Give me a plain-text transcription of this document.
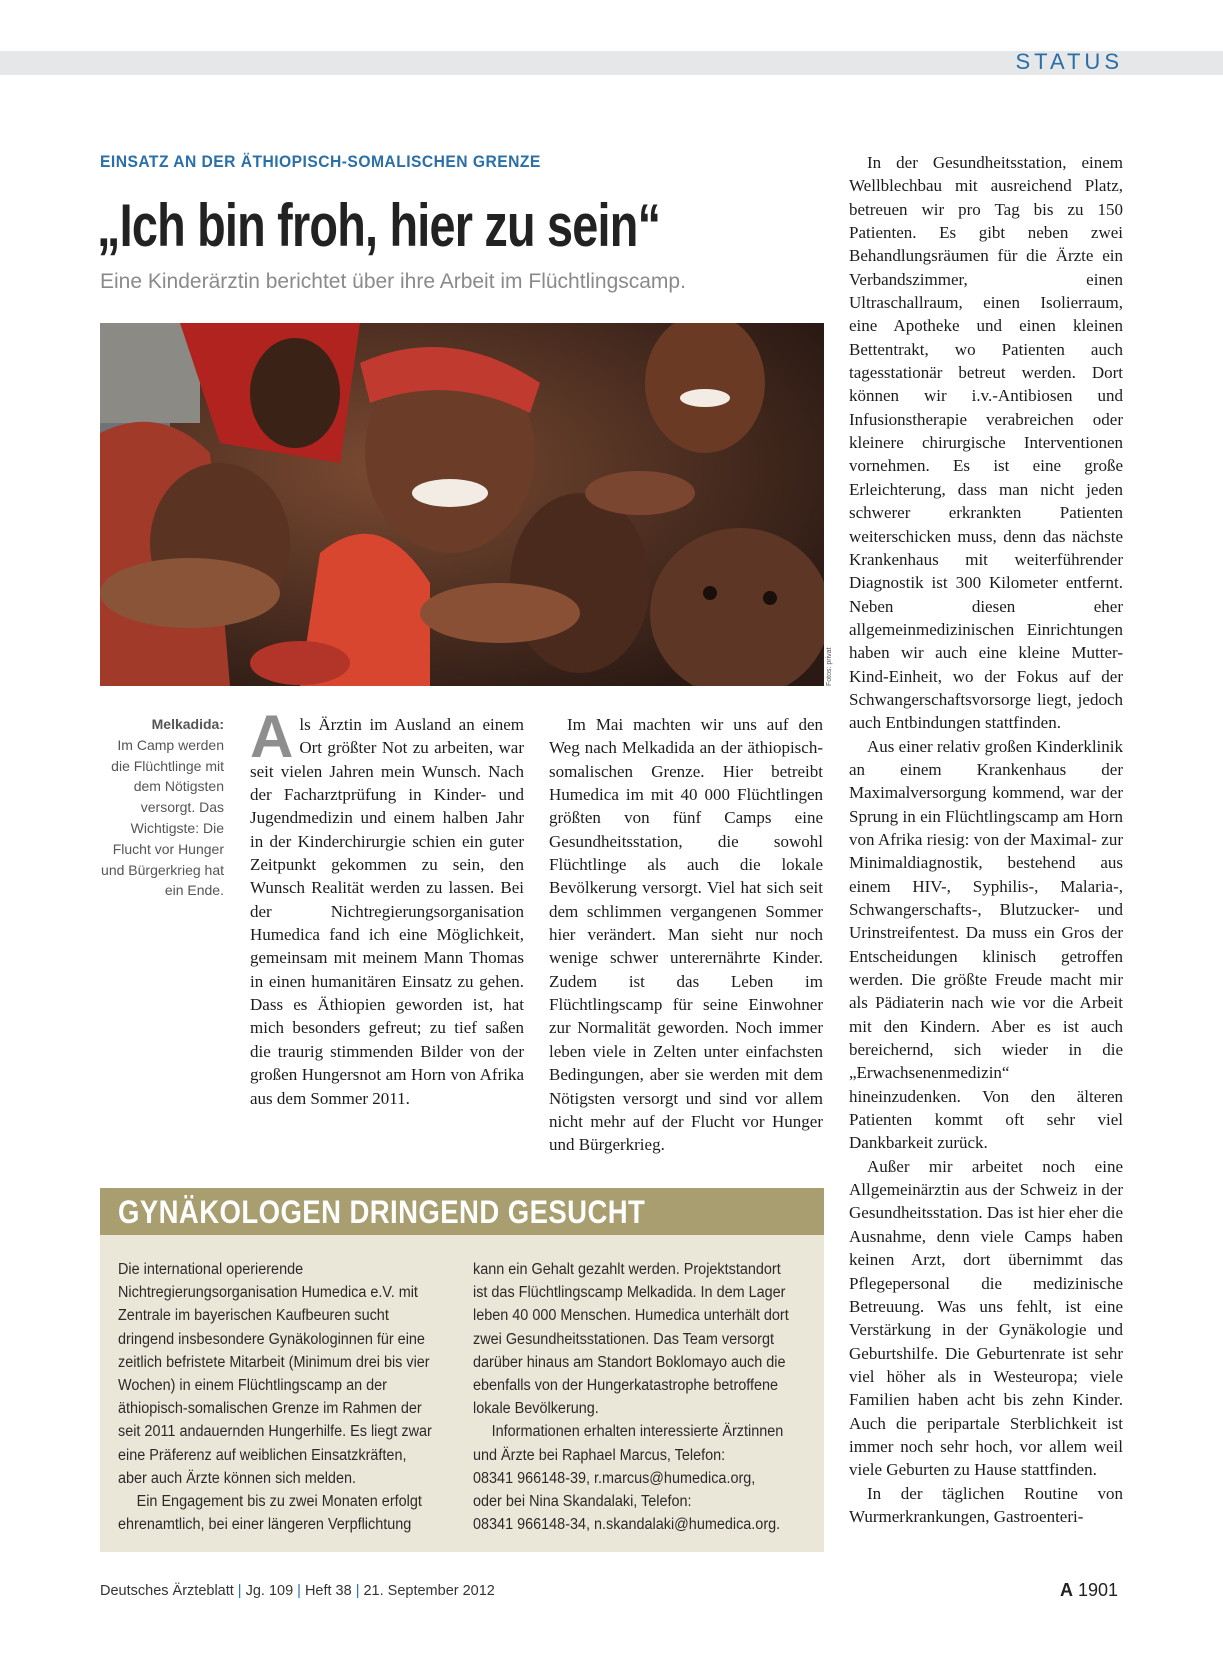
STATUS
EINSATZ AN DER ÄTHIOPISCH-SOMALISCHEN GRENZE
„Ich bin froh, hier zu sein“
Eine Kinderärztin berichtet über ihre Arbeit im Flüchtlingscamp.
Fotos: privat
Melkadida:
Im Camp werden die Flüchtlinge mit dem Nötigsten versorgt. Das Wichtigste: Die Flucht vor Hunger und Bürgerkrieg hat ein Ende.

Als Ärztin im Ausland an einem Ort größter Not zu arbeiten, war seit vielen Jahren mein Wunsch. Nach der Facharztprüfung in Kinder- und Jugendmedizin und einem halben Jahr in der Kinderchirurgie schien ein guter Zeitpunkt gekommen zu sein, den Wunsch Realität werden zu lassen. Bei der Nichtregierungsorganisation Humedica fand ich eine Möglichkeit, gemeinsam mit meinem Mann Thomas in einen humanitären Einsatz zu gehen. Dass es Äthiopien geworden ist, hat mich besonders gefreut; zu tief saßen die traurig stimmenden Bilder von der großen Hungersnot am Horn von Afrika aus dem Sommer 2011.

Im Mai machten wir uns auf den Weg nach Melkadida an der äthiopisch-somalischen Grenze. Hier betreibt Humedica im mit 40 000 Flüchtlingen größten von fünf Camps eine Gesundheitsstation, die sowohl Flüchtlinge als auch die lokale Bevölkerung versorgt. Viel hat sich seit dem schlimmen vergangenen Sommer hier verändert. Man sieht nur noch wenige schwer unterernährte Kinder. Zudem ist das Leben im Flüchtlingscamp für seine Einwohner zur Normalität geworden. Noch immer leben viele in Zelten unter einfachsten Bedingungen, aber sie werden mit dem Nötigsten versorgt und sind vor allem nicht mehr auf der Flucht vor Hunger und Bürgerkrieg.

In der Gesundheitsstation, einem Wellblechbau mit ausreichend Platz, betreuen wir pro Tag bis zu 150 Patienten. Es gibt neben zwei Behandlungsräumen für die Ärzte ein Verbandszimmer, einen Ultraschallraum, einen Isolierraum, eine Apotheke und einen kleinen Bettentrakt, wo Patienten auch tagesstationär betreut werden. Dort können wir i.v.-Antibiosen und Infusionstherapie verabreichen oder kleinere chirurgische Interventionen vornehmen. Es ist eine große Erleichterung, dass man nicht jeden schwerer erkrankten Patienten weiterschicken muss, denn das nächste Krankenhaus mit weiterführender Diagnostik ist 300 Kilometer entfernt. Neben diesen eher allgemeinmedizinischen Einrichtungen haben wir auch eine kleine Mutter-Kind-Einheit, wo der Fokus auf der Schwangerschaftsvorsorge liegt, jedoch auch Entbindungen stattfinden.

Aus einer relativ großen Kinderklinik an einem Krankenhaus der Maximalversorgung kommend, war der Sprung in ein Flüchtlingscamp am Horn von Afrika riesig: von der Maximal- zur Minimaldiagnostik, bestehend aus einem HIV-, Syphilis-, Malaria-, Schwangerschafts-, Blutzucker- und Urinstreifentest. Da muss ein Gros der Entscheidungen klinisch getroffen werden. Die größte Freude macht mir als Pädiaterin nach wie vor die Arbeit mit den Kindern. Aber es ist auch bereichernd, sich wieder in die „Erwachsenenmedizin“ hineinzudenken. Von den älteren Patienten kommt oft sehr viel Dankbarkeit zurück.

Außer mir arbeitet noch eine Allgemeinärztin aus der Schweiz in der Gesundheitsstation. Das ist hier eher die Ausnahme, denn viele Camps haben keinen Arzt, dort übernimmt das Pflegepersonal die medizinische Betreuung. Was uns fehlt, ist eine Verstärkung in der Gynäkologie und Geburtshilfe. Die Geburtenrate ist sehr viel höher als in Westeuropa; viele Familien haben acht bis zehn Kinder. Auch die peripartale Sterblichkeit ist immer noch sehr hoch, vor allem weil viele Geburten zu Hause stattfinden.

In der täglichen Routine von Wurmerkrankungen, Gastroenteri-

GYNÄKOLOGEN DRINGEND GESUCHT

Die international operierende Nichtregierungsorganisation Humedica e.V. mit Zentrale im bayerischen Kaufbeuren sucht dringend insbesondere Gynäkologinnen für eine zeitlich befristete Mitarbeit (Minimum drei bis vier Wochen) in einem Flüchtlingscamp an der äthiopisch-somalischen Grenze im Rahmen der seit 2011 andauernden Hungerhilfe. Es liegt zwar eine Präferenz auf weiblichen Einsatzkräften, aber auch Ärzte können sich melden.

Ein Engagement bis zu zwei Monaten erfolgt ehrenamtlich, bei einer längeren Verpflichtung

kann ein Gehalt gezahlt werden. Projektstandort ist das Flüchtlingscamp Melkadida. In dem Lager leben 40 000 Menschen. Humedica unterhält dort zwei Gesundheitsstationen. Das Team versorgt darüber hinaus am Standort Boklomayo auch die ebenfalls von der Hungerkatastrophe betroffene lokale Bevölkerung.

Informationen erhalten interessierte Ärztinnen und Ärzte bei Raphael Marcus, Telefon:
08341 966148-39, r.marcus@humedica.org,
oder bei Nina Skandalaki, Telefon:
08341 966148-34, n.skandalaki@humedica.org.

Deutsches Ärzteblatt | Jg. 109 | Heft 38 | 21. September 2012	A 1901
